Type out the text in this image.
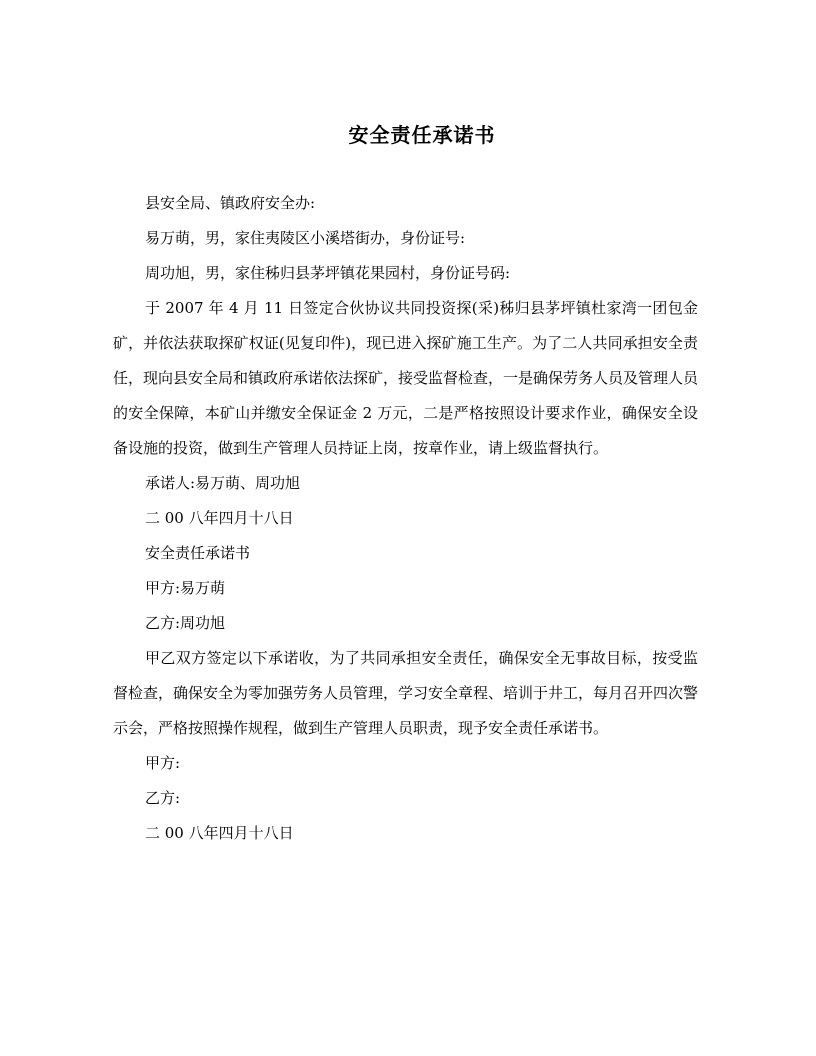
安全责任承诺书

县安全局、镇政府安全办:

易万萌，男，家住夷陵区小溪塔街办，身份证号:

周功旭，男，家住秭归县茅坪镇花果园村，身份证号码:

于 2007 年 4 月 11 日签定合伙协议共同投资探(采)秭归县茅坪镇杜家湾一团包金矿，并依法获取探矿权证(见复印件)，现已进入探矿施工生产。为了二人共同承担安全责任，现向县安全局和镇政府承诺依法探矿，接受监督检查，一是确保劳务人员及管理人员的安全保障，本矿山并缴安全保证金 2 万元，二是严格按照设计要求作业，确保安全设备设施的投资，做到生产管理人员持证上岗，按章作业，请上级监督执行。

承诺人:易万萌、周功旭

二 00 八年四月十八日

安全责任承诺书

甲方:易万萌

乙方:周功旭

甲乙双方签定以下承诺收，为了共同承担安全责任，确保安全无事故目标，按受监督检查，确保安全为零加强劳务人员管理，学习安全章程、培训于井工，每月召开四次警示会，严格按照操作规程，做到生产管理人员职责，现予安全责任承诺书。

甲方:

乙方:

二 00 八年四月十八日
